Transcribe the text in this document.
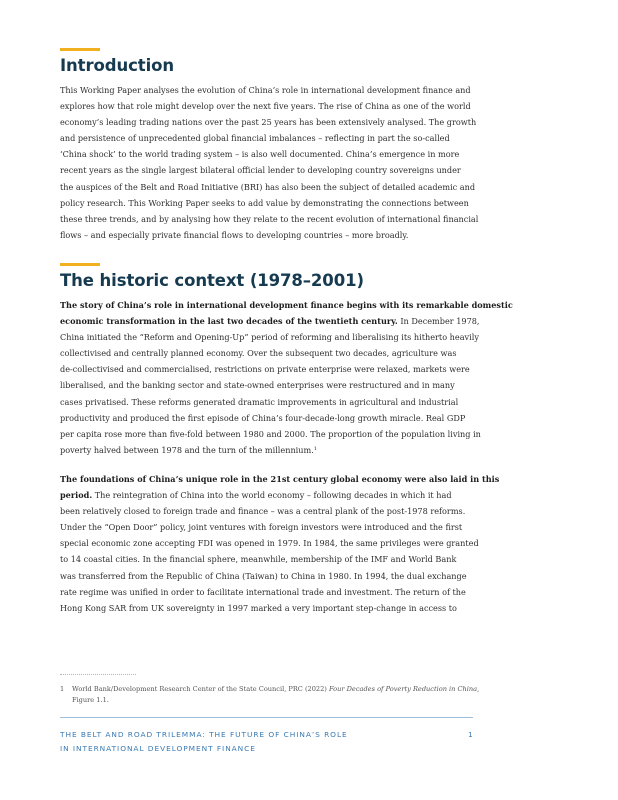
Introduction
This Working Paper analyses the evolution of China’s role in international development finance and
explores how that role might develop over the next five years. The rise of China as one of the world
economy’s leading trading nations over the past 25 years has been extensively analysed. The growth
and persistence of unprecedented global financial imbalances – reflecting in part the so-called
‘China shock’ to the world trading system – is also well documented. China’s emergence in more
recent years as the single largest bilateral official lender to developing country sovereigns under
the auspices of the Belt and Road Initiative (BRI) has also been the subject of detailed academic and
policy research. This Working Paper seeks to add value by demonstrating the connections between
these three trends, and by analysing how they relate to the recent evolution of international financial
flows – and especially private financial flows to developing countries – more broadly.
The historic context (1978–2001)
The story of China’s role in international development finance begins with its remarkable domestic
economic transformation in the last two decades of the twentieth century. In December 1978,
China initiated the “Reform and Opening-Up” period of reforming and liberalising its hitherto heavily
collectivised and centrally planned economy. Over the subsequent two decades, agriculture was
de-collectivised and commercialised, restrictions on private enterprise were relaxed, markets were
liberalised, and the banking sector and state-owned enterprises were restructured and in many
cases privatised. These reforms generated dramatic improvements in agricultural and industrial
productivity and produced the first episode of China’s four-decade-long growth miracle. Real GDP
per capita rose more than five-fold between 1980 and 2000. The proportion of the population living in
poverty halved between 1978 and the turn of the millennium.$^1$
The foundations of China’s unique role in the 21st century global economy were also laid in this
period. The reintegration of China into the world economy – following decades in which it had
been relatively closed to foreign trade and finance – was a central plank of the post-1978 reforms.
Under the “Open Door” policy, joint ventures with foreign investors were introduced and the first
special economic zone accepting FDI was opened in 1979. In 1984, the same privileges were granted
to 14 coastal cities. In the financial sphere, meanwhile, membership of the IMF and World Bank
was transferred from the Republic of China (Taiwan) to China in 1980. In 1994, the dual exchange
rate regime was unified in order to facilitate international trade and investment. The return of the
Hong Kong SAR from UK sovereignty in 1997 marked a very important step-change in access to
1 World Bank/Development Research Center of the State Council, PRC (2022) Four Decades of Poverty Reduction in China,
Figure 1.1.
THE BELT AND ROAD TRILEMMA: THE FUTURE OF CHINA’S ROLE
IN INTERNATIONAL DEVELOPMENT FINANCE
1
